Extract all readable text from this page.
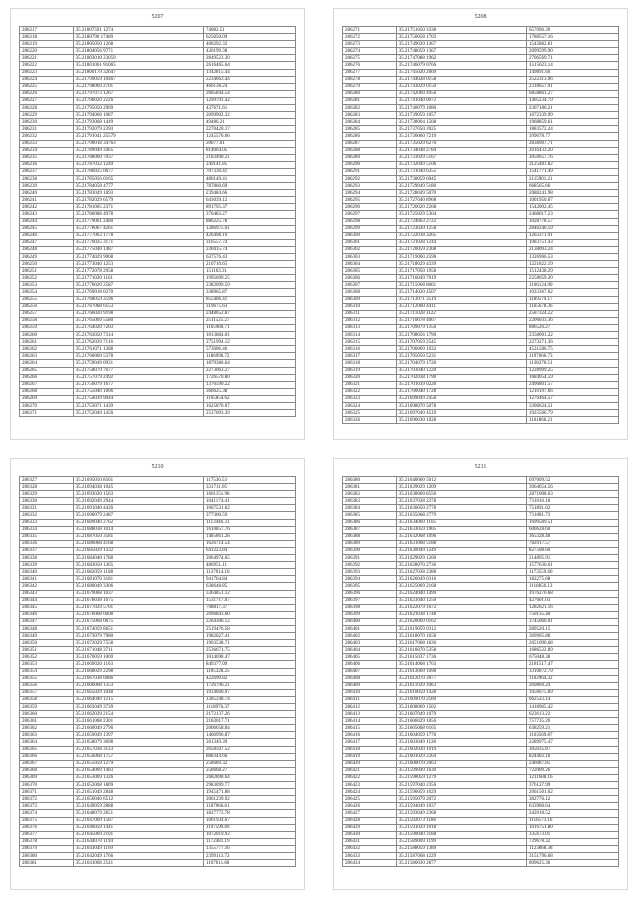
5207
286217	35.21807591 1274	74082.51
286218	35.2180790 17489	625050.09
286219	35.21805050 1268	406292.32
286220	35.21804056 9771	426199.38
286221	35.21803010 23059	2849523.30
286222	35.21801061 91065	2616465.64
286223	35.21800179 32647	1342815.44
286224	35.21799059 10467	2234663.44
286225	35.21798069 2701	466138.24
286226	35.21797073 1267	2005844.54
286227	35.21796020 2226	1299791.42
286228	35.21795050 2969	437671.61
286229	35.21794068 1087	2099902.32
286230	35.21793068 1449	49486.21
286231	35.21792079 2393	2270420.17
286232	35.21791041 25579	1245576.66
286233	35.21790018 34763	20077.01
286234	35.21789049 3465	814064.05
286235	35.21788069 7037	2183490.21
286236	35.21787032 1249	249141.85
286237	35.21786025 0677	707330.41
286238	35.21785056 0165	480149.41
286239	35.21784058 4777	787860.69
286240	35.21783049 1693	239484.66
286241	35.21782029 6579	643039.12
286242	35.21781065 2371	891795.37
286243	35.21780088 4978	370483.27
286244	35.21779061 2460	886225.78
286245	35.21778067 4261	1286975.61
286246	35.21777063 1778	426498.19
286247	35.21776025 3171	316557.74
286248	35.21775040 1487	230415.74
286249	35.21774029 9008	637576.43
286250	35.21773040 1253	210710.65
286251	35.21772078 2958	151163.31
286252	35.21771020 1161	1995699.25
286253	35.21770020 2587	2382099.59
286254	35.21769018 0270	338965.87
286255	35.21768059 2596	855406.41
286256	35.21767068 6153	319675.63
286257	35.21766020 9198	2448052.87
286258	35.21765069 5580	2511525.27
286259	35.21764020 7203	1165980.71
286260	35.21763050 7314	1013884.01
286261	35.21762029 7116	2751994.12
286262	35.21761071 1288	573606.46
286263	35.21760069 5378	1186996.72
286264	35.21759049 0931	1879386.64
286265	35.21758079 7677	2273063.27
286266	35.21757079 2492	1726570.80
286267	35.21756079 1677	1376590.22
286268	35.21755040 1006	366625.38
286269	35.21754039 9044	1105854.62
286270	35.21753071 1439	1625870.07
286271	35.21752049 1456	2537693.39
5208
286271	35.21751050 3338	657096.39
286272	35.21750058 1703	1788557.16
286273	35.21749020 1367	1545882.81
286274	35.21748059 1367	2099599.90
286275	35.21747088 1962	2706569.71
286276	35.21746079 0766	1515623.14
286277	35.21745020 2669	149891.66
286278	35.21744028 0158	2522313.96
286279	35.21743029 0159	2318657.91
286280	35.21742069 4956	6858861.27
286281	35.21741040 0072	1405234.79
286282	35.21740079 1080	2307186.21
286283	35.21739059 1057	1672339.99
286284	35.21738064 1568	1968859.61
286285	35.21737050 3925	1883572.24
286286	35.21736060 7219	399078.77
286287	35.21735029 6270	2838907.71
286288	35.21734048 2784	2016433.20
286289	35.21733029 5167	2050657.76
286290	35.21732049 5106	3125481.82
286291	35.21731040 6355	1541771.49
286292	35.21730059 6045	2115901.21
286293	35.21729049 5180	668565.66
286294	35.21728049 5070	2088241.98
286295	35.21727040 8968	1001950.07
286296	35.21726020 2268	1542002.45
286297	35.21725029 5304	2468017.23
286298	35.21724063 2722	1028778.57
286299	35.21723020 1258	2846240.59
286300	35.21722018 3205	1263371.91
286301	35.21721028 1244	1083751.43
286302	35.21720059 2308	2138093.24
286303	35.21719060 2598	1326966.53
286304	35.21718029 4339	1221822.19
286305	35.21717050 1958	1512438.29
286306	35.21716049 7019	2258059.20
286307	35.21715068 8061	1166124.90
286308	35.21714020 4507	1033367.02
286309	35.21713071 3519	1189579.17
286310	35.21712060 4411	1165678.36
286311	35.21711028 1122	2587324.22
286312	35.21710078 4067	2206033.36
286313	35.21709079 1356	886526.27
286314	35.21708056 1790	2358001.22
286315	35.21707059 2545	2273271.36
286316	35.21706069 1032	4531586.75
286317	35.21705050 5231	1197666.73
286318	35.21704079 1726	1138270.51
286319	35.21703040 1220	1228999.25
286320	35.21702038 1790	1684054.59
286321	35.21701039 0228	2496801.57
286322	35.21700040 1728	1210197.66
286323	35.21699049 2458	1276464.57
286324	35.21698070 5078	3306624.51
286325	35.21697040 4519	1925566.79
286326	35.21696030 1028	1161866.21
5210
286327	35.21695050 8561	117536.53
286328	35.21694038 1045	331711.05
286329	35.21693020 1563	1601151.98
286330	35.21692049 2944	1041174.41
286331	35.21691040 4426	1067531.62
286332	35.21690079 2487	377360.59
286333	35.21689040 2762	1113446.31
286334	35.21688038 1014	1610857.76
286335	35.21687050 3581	1485861.28
286336	35.21686068 4168	1626714.54
286337	35.21685029 1332	641223.84
286338	35.21684040 1788	2064974.65
286339	35.21683050 1365	486951.11
286340	35.21682059 1108	1137014.10
286341	35.21681070 3181	941764.84
286342	35.21680049 3306	638648.85
286343	35.21679068 1037	3364851.12
286344	35.21678038 1675	1531717.07
286345	35.21677029 5701	798817.37
286346	35.21676068 0608	2096843.60
286347	35.21675068 0675	2264306.12
286348	35.21674059 8651	2519476.58
286349	35.21673079 7980	1982627.41
286350	35.21672029 7558	1963538.71
286351	35.21671048 3711	2536671.75
286352	35.21670059 1069	1014698.47
286353	35.21669020 1163	849377.09
286354	35.21668029 2298	1105328.25
286355	35.21667038 0086	422690.82
286356	35.21666068 1353	1726796.21
286357	35.21665029 1048	1934600.97
286358	35.21664040 1215	1285248.74
286359	35.21663049 3739	1118976.37
286360	35.21662029 2154	2172137.26
286361	35.21661068 2301	2183017.71
286362	35.21660049 2796	2006658.84
286363	35.21659049 1397	1406996.87
286364	35.21658079 3698	261349.39
286365	35.21657038 3123	2058597.52
286366	35.21656068 1757	888344.66
286367	35.21655059 1279	258689.32
286368	35.21654069 1483	258668.27
286369	35.21653069 1326	2682898.64
286370	35.21652068 1809	2983099.77
286371	35.21651049 2848	1945471.88
286372	35.21650040 6512	2061239.92
286373	35.21649059 2888	1187066.61
286374	35.21648079 2651	1827772.78
286375	35.21647069 1587	1061934.67
286376	35.21646059 1441	1197599.89
286377	35.21645069 2101	1072019.92
286378	35.21644070 1194	1172481.19
286379	35.21643049 1169	1355777.16
286380	35.21642049 1766	2399113.72
286381	35.21641068 2541	1107611.68
5211
286380	35.21640060 5012	697009.52
286381	35.21639029 1209	3064054.56
286382	35.21638069 8550	2871008.03
286383	35.21637038 2378	731016.18
286384	35.21636050 2778	751891.02
286385	35.21635068 2779	731081.73
286386	35.21634069 1105	1699589.51
286387	35.21633059 1905	600628.60
286388	35.21632068 1096	365328.48
286389	35.21631068 5188	782917.57
286390	35.21630049 1249	827508.60
286391	35.21629029 1260	214895.91
286392	35.21628070 2736	1577630.61
286393	35.21627038 2388	1173559.60
286394	35.21626049 0316	182275.68
286395	35.21625069 2168	1118856.13
286396	35.21624040 1499	1976276.68
286397	35.21623040 1250	427601.03
286398	35.21622079 1672	1282621.16
286399	35.21621038 1748	750135.40
286400	35.21620069 0162	3745060.01
286401	35.21619059 0312	289520.15
286402	35.21618070 1658	369905.88
286403	35.21617068 1636	2651090.68
286404	35.21616070 5358	1686522.89
286405	35.21615037 1736	675048.38
286406	35.21614068 1763	2181517.47
286407	35.21613069 1098	3310872.79
286408	35.21612070 3077	1102964.32
286409	35.21611029 1063	269869.24
286410	35.21610059 1428	1056675.89
286411	35.21609070 2189	662522.14
286412	35.21608069 1502	1418965.42
286413	35.21607049 1079	623613.22
286414	35.21606029 1056	757735.26
286415	35.21605068 0165	638259.21
286416	35.21604059 1776	1163569.87
286417	35.21603049 1128	2289975.47
286418	35.21602020 1019	305035.87
286419	35.21601029 2264	824402.18
286420	35.21600070 2063	246087.85
286421	35.21599049 1639	722009.26
286422	35.21598059 1279	1211688.16
286423	35.21597040 2356	376127.99
286424	35.21596059 1629	2061501.02
286425	35.21595079 2072	382776.12
286426	35.21594049 1037	633906.64
286427	35.21593049 2368	342018.52
286428	35.21592073 1186	1118573.16
286429	35.21591029 1018	1016751.80
286430	35.21590040 3188	335673.01
286431	35.21589069 1199	729678.32
286432	35.21588059 1389	1123868.38
286433	35.21587068 1229	3151796.68
286434	35.21586030 2877	809625.36
